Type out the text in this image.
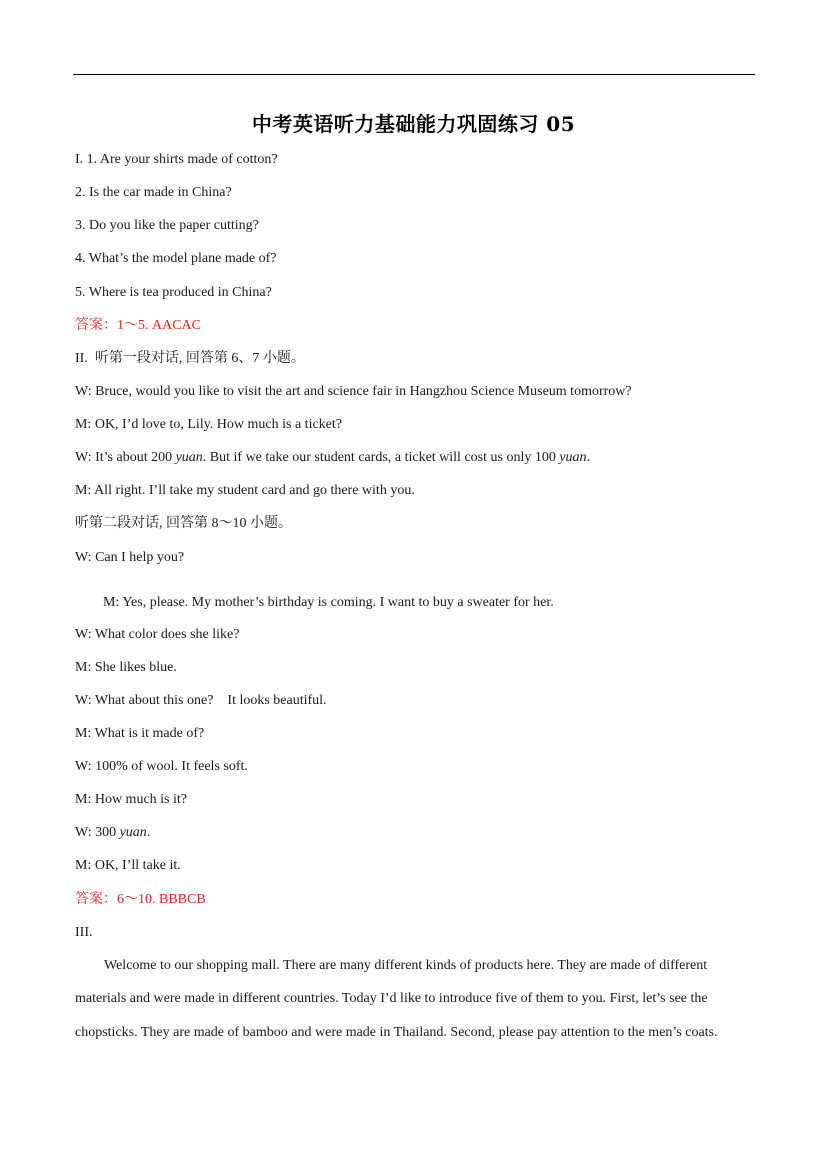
中考英语听力基础能力巩固练习 05
I. 1. Are your shirts made of cotton?
2. Is the car made in China?
3. Do you like the paper cutting?
4. What’s the model plane made of?
5. Where is tea produced in China?
答案：1～5. AACAC
II.  听第一段对话, 回答第 6、7 小题。
W: Bruce, would you like to visit the art and science fair in Hangzhou Science Museum tomorrow?
M: OK, I’d love to, Lily. How much is a ticket?
W: It’s about 200 yuan. But if we take our student cards, a ticket will cost us only 100 yuan.
M: All right. I’ll take my student card and go there with you.
听第二段对话, 回答第 8～10 小题。
W: Can I help you?
M: Yes, please. My mother’s birthday is coming. I want to buy a sweater for her.
W: What color does she like?
M: She likes blue.
W: What about this one?    It looks beautiful.
M: What is it made of?
W: 100% of wool. It feels soft.
M: How much is it?
W: 300 yuan.
M: OK, I’ll take it.
答案：6～10. BBBCB
III.
Welcome to our shopping mall. There are many different kinds of products here. They are made of different
materials and were made in different countries. Today I’d like to introduce five of them to you. First, let’s see the
chopsticks. They are made of bamboo and were made in Thailand. Second, please pay attention to the men’s coats.
